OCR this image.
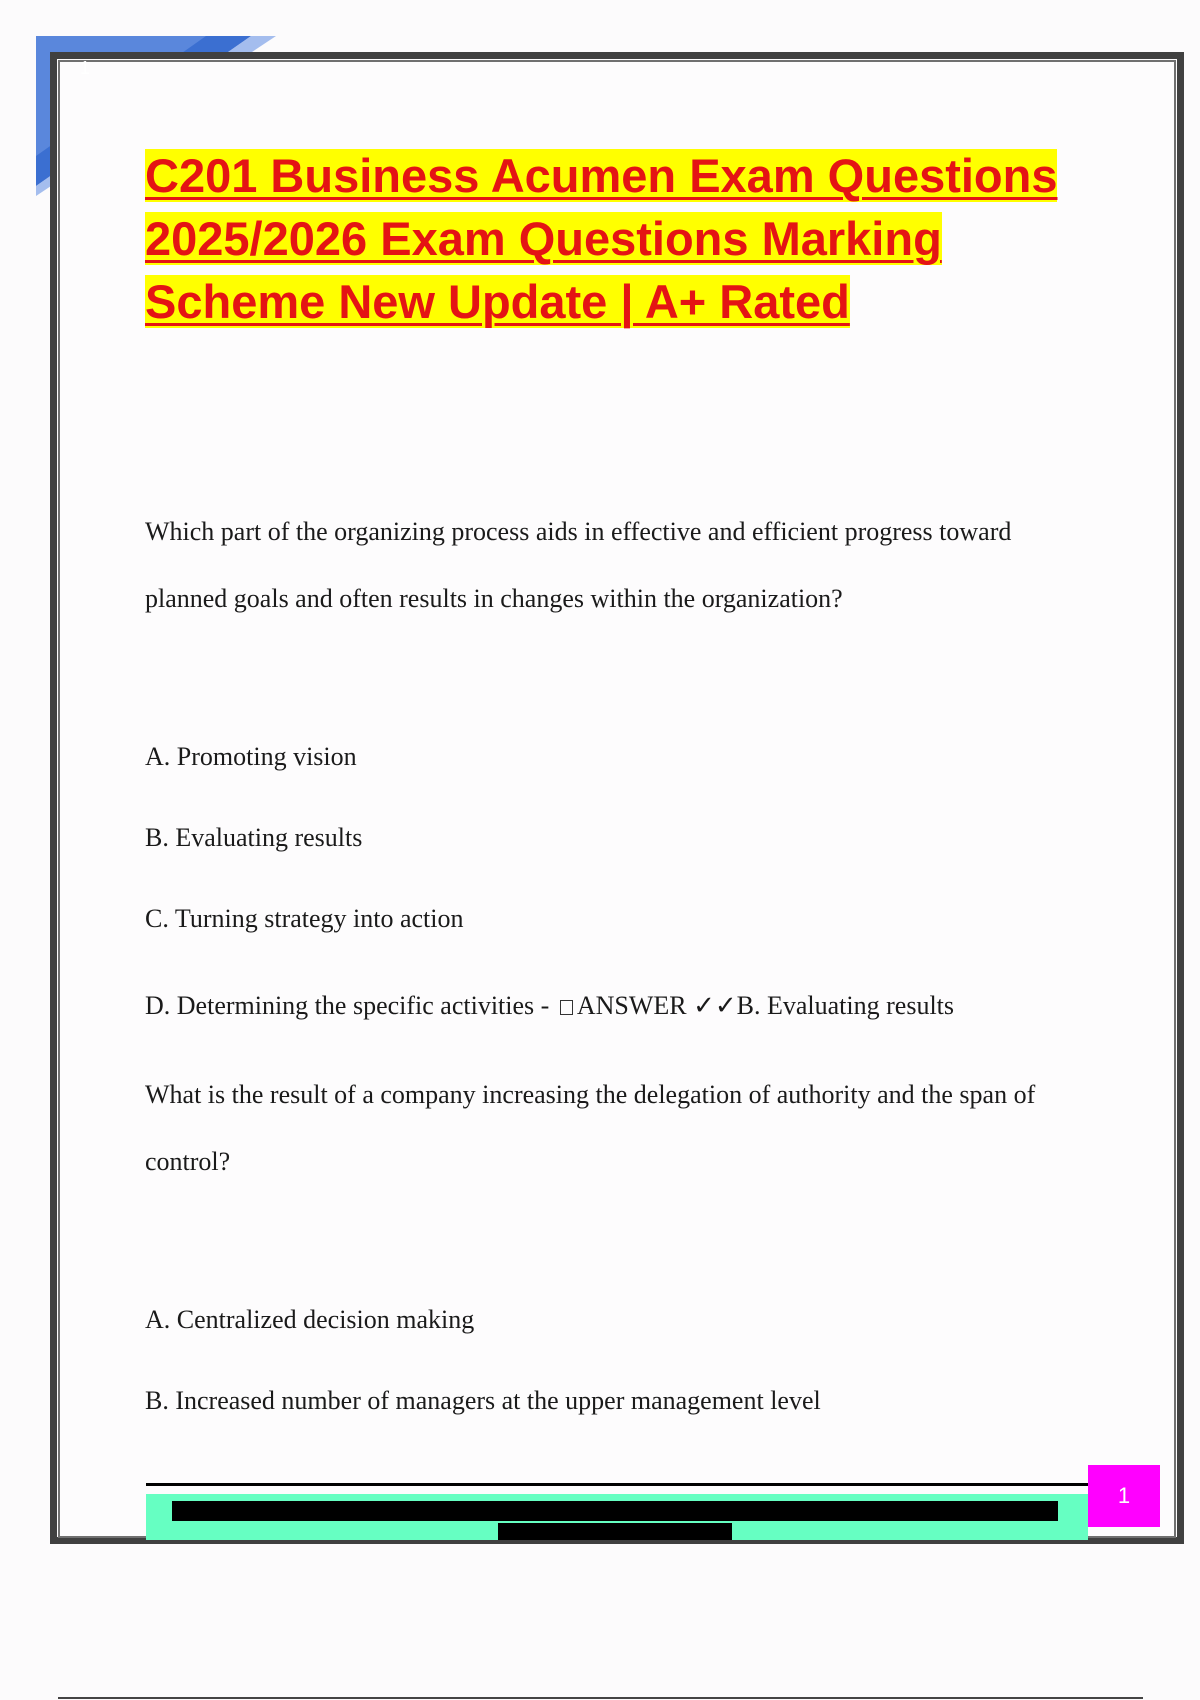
1
C201 Business Acumen Exam Questions
2025/2026 Exam Questions Marking
Scheme New Update | A+ Rated

Which part of the organizing process aids in effective and efficient progress toward planned goals and often results in changes within the organization?

A. Promoting vision

B. Evaluating results

C. Turning strategy into action

D. Determining the specific activities - ANSWER ✓✓B. Evaluating results

What is the result of a company increasing the delegation of authority and the span of control?

A. Centralized decision making

B. Increased number of managers at the upper management level

1
